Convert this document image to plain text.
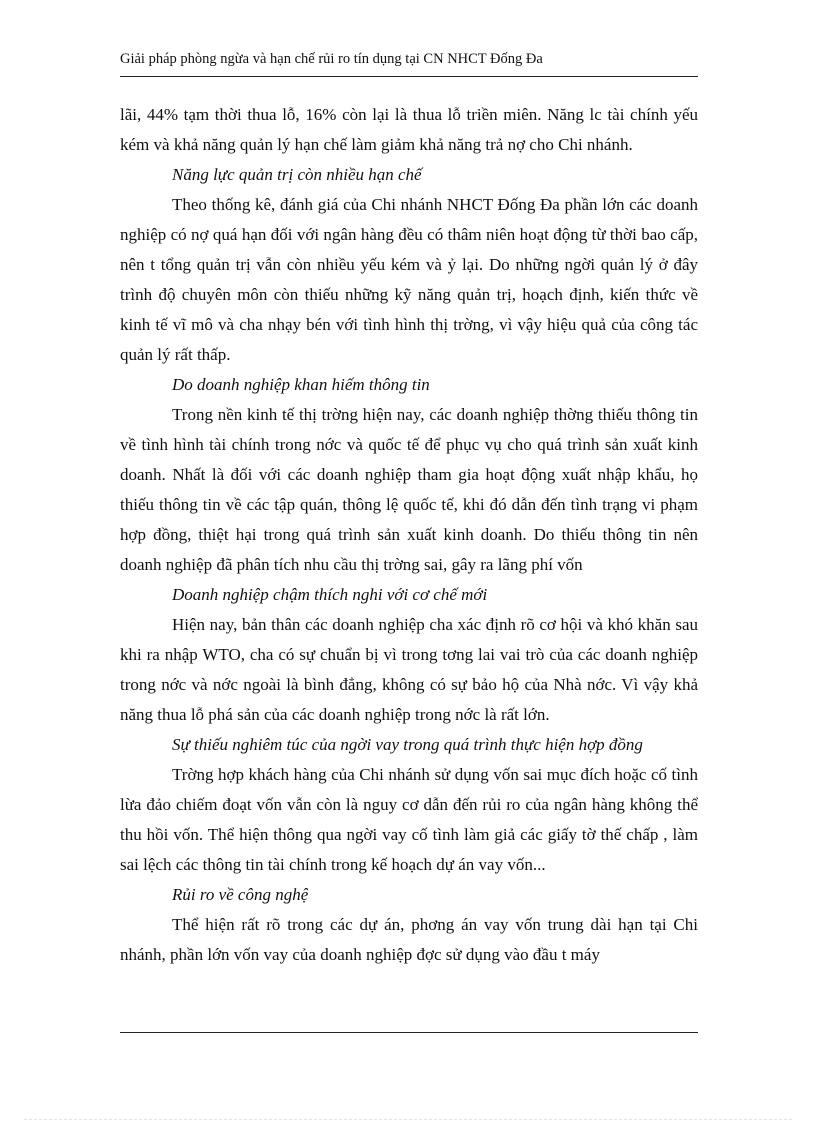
Giải pháp phòng ngừa và hạn chế rủi ro tín dụng tại CN NHCT Đống Đa

lãi, 44% tạm thời thua lỗ, 16% còn lại là thua lỗ triền miên. Năng lc tài chính yếu kém và khả năng quản lý hạn chế làm giảm khả năng trả nợ cho Chi nhánh.

Năng lực quản trị còn nhiều hạn chế

Theo thống kê, đánh giá của Chi nhánh NHCT Đống Đa phần lớn các doanh nghiệp có nợ quá hạn đối với ngân hàng đều có thâm niên hoạt động từ thời bao cấp, nên t tổng quản trị vẫn còn nhiều yếu kém và ỷ lại. Do những ngời quản lý ở đây trình độ chuyên môn còn thiếu những kỹ năng quản trị, hoạch định, kiến thức về kinh tế vĩ mô và cha nhạy bén với tình hình thị trờng, vì vậy hiệu quả của công tác quản lý rất thấp.

Do doanh nghiệp khan hiếm thông tin

Trong nền kinh tế thị trờng hiện nay, các doanh nghiệp thờng thiếu thông tin về tình hình tài chính trong nớc và quốc tế để phục vụ cho quá trình sản xuất kinh doanh. Nhất là đối với các doanh nghiệp tham gia hoạt động xuất nhập khẩu, họ thiếu thông tin về các tập quán, thông lệ quốc tế, khi đó dẫn đến tình trạng vi phạm hợp đồng, thiệt hại trong quá trình sản xuất kinh doanh. Do thiếu thông tin nên doanh nghiệp đã phân tích nhu cầu thị trờng sai, gây ra lãng phí vốn

Doanh nghiệp chậm thích nghi với cơ chế mới

Hiện nay, bản thân các doanh nghiệp cha xác định rõ cơ hội và khó khăn sau khi ra nhập WTO, cha có sự chuẩn bị vì trong tơng lai vai trò của các doanh nghiệp trong nớc và nớc ngoài là bình đẳng, không có sự bảo hộ của Nhà nớc. Vì vậy khả năng thua lỗ phá sản của các doanh nghiệp trong nớc là rất lớn.

Sự thiếu nghiêm túc của ngời vay trong quá trình thực hiện hợp đồng

Trờng hợp khách hàng của Chi nhánh sử dụng vốn sai mục đích hoặc cố tình lừa đảo chiếm đoạt vốn vẫn còn là nguy cơ dẫn đến rủi ro của ngân hàng không thể thu hồi vốn. Thể hiện thông qua ngời vay cố tình làm giả các giấy tờ thế chấp , làm sai lệch các thông tin tài chính trong kế hoạch dự án vay vốn...

Rủi ro về công nghệ

Thể hiện rất rõ trong các dự án, phơng án vay vốn trung dài hạn tại Chi nhánh, phần lớn vốn vay của doanh nghiệp đợc sử dụng vào đầu t máy
